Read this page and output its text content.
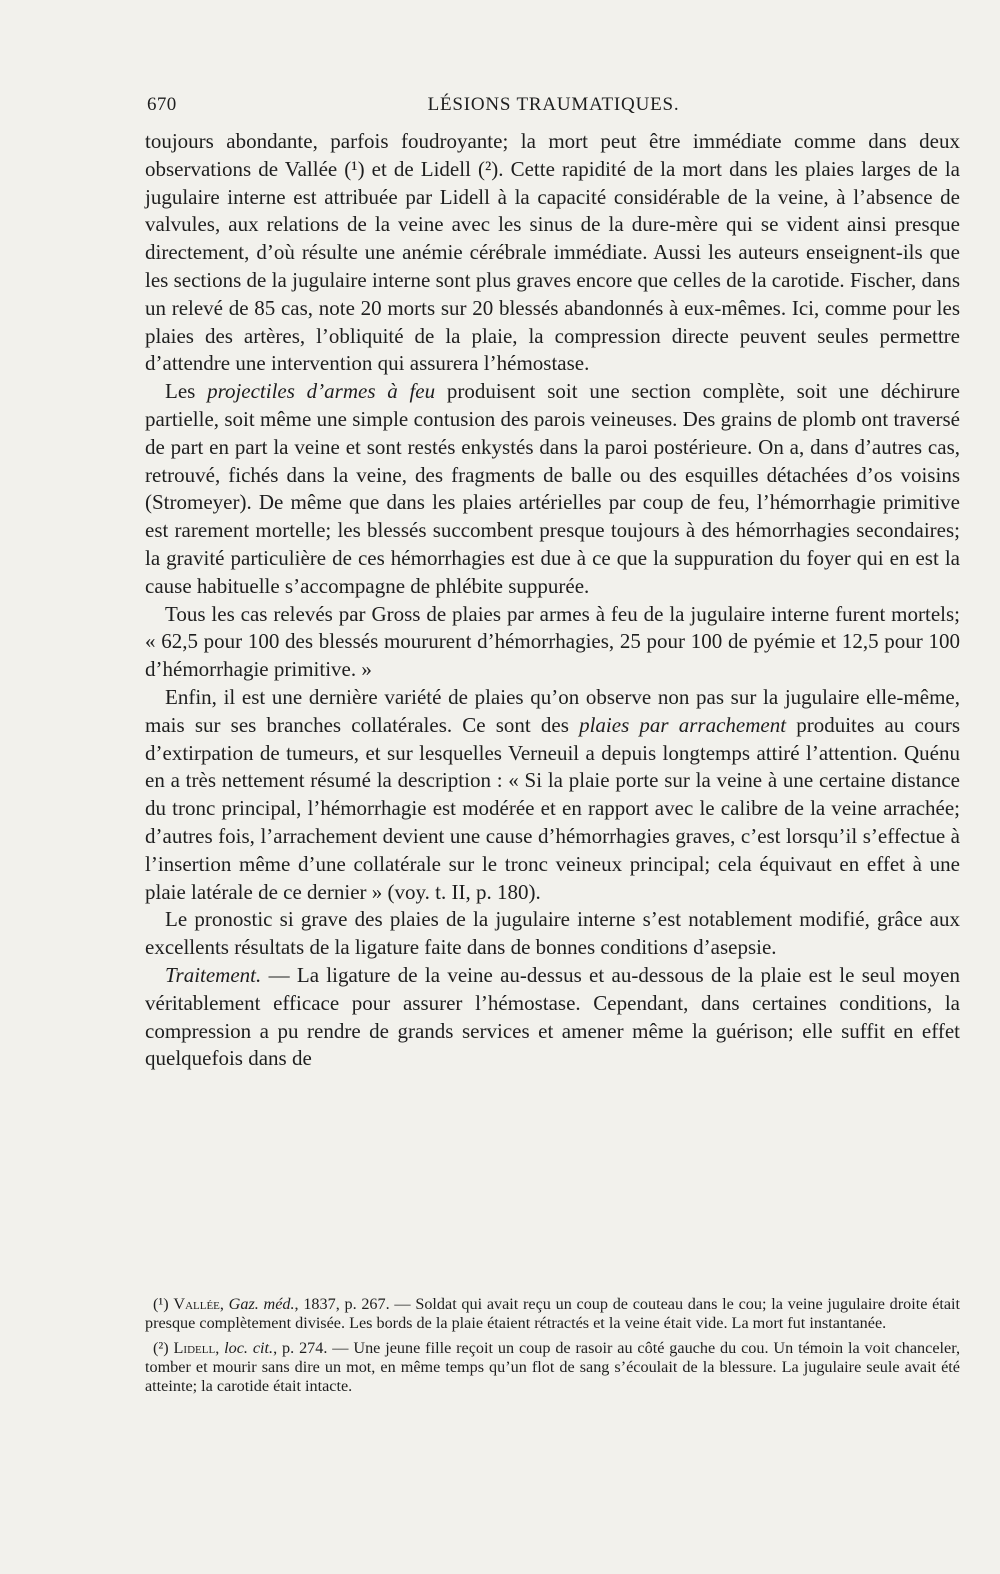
670	LÉSIONS TRAUMATIQUES.

toujours abondante, parfois foudroyante; la mort peut être immédiate comme dans deux observations de Vallée (¹) et de Lidell (²). Cette rapidité de la mort dans les plaies larges de la jugulaire interne est attribuée par Lidell à la capacité considérable de la veine, à l’absence de valvules, aux relations de la veine avec les sinus de la dure-mère qui se vident ainsi presque directement, d’où résulte une anémie cérébrale immédiate. Aussi les auteurs enseignent-ils que les sections de la jugulaire interne sont plus graves encore que celles de la carotide. Fischer, dans un relevé de 85 cas, note 20 morts sur 20 blessés abandonnés à eux-mêmes. Ici, comme pour les plaies des artères, l’obliquité de la plaie, la compression directe peuvent seules permettre d’attendre une intervention qui assurera l’hémostase.

Les projectiles d’armes à feu produisent soit une section complète, soit une déchirure partielle, soit même une simple contusion des parois veineuses. Des grains de plomb ont traversé de part en part la veine et sont restés enkystés dans la paroi postérieure. On a, dans d’autres cas, retrouvé, fichés dans la veine, des fragments de balle ou des esquilles détachées d’os voisins (Stromeyer). De même que dans les plaies artérielles par coup de feu, l’hémorrhagie primitive est rarement mortelle; les blessés succombent presque toujours à des hémorrhagies secondaires; la gravité particulière de ces hémorrhagies est due à ce que la suppuration du foyer qui en est la cause habituelle s’accompagne de phlébite suppurée.

Tous les cas relevés par Gross de plaies par armes à feu de la jugulaire interne furent mortels; « 62,5 pour 100 des blessés moururent d’hémorrhagies, 25 pour 100 de pyémie et 12,5 pour 100 d’hémorrhagie primitive. »

Enfin, il est une dernière variété de plaies qu’on observe non pas sur la jugulaire elle-même, mais sur ses branches collatérales. Ce sont des plaies par arrachement produites au cours d’extirpation de tumeurs, et sur lesquelles Verneuil a depuis longtemps attiré l’attention. Quénu en a très nettement résumé la description : « Si la plaie porte sur la veine à une certaine distance du tronc principal, l’hémorrhagie est modérée et en rapport avec le calibre de la veine arrachée; d’autres fois, l’arrachement devient une cause d’hémorrhagies graves, c’est lorsqu’il s’effectue à l’insertion même d’une collatérale sur le tronc veineux principal; cela équivaut en effet à une plaie latérale de ce dernier » (voy. t. II, p. 180).

Le pronostic si grave des plaies de la jugulaire interne s’est notablement modifié, grâce aux excellents résultats de la ligature faite dans de bonnes conditions d’asepsie.

Traitement. — La ligature de la veine au-dessus et au-dessous de la plaie est le seul moyen véritablement efficace pour assurer l’hémostase. Cependant, dans certaines conditions, la compression a pu rendre de grands services et amener même la guérison; elle suffit en effet quelquefois dans de

(¹) Vallée, Gaz. méd., 1837, p. 267. — Soldat qui avait reçu un coup de couteau dans le cou; la veine jugulaire droite était presque complètement divisée. Les bords de la plaie étaient rétractés et la veine était vide. La mort fut instantanée.

(²) Lidell, loc. cit., p. 274. — Une jeune fille reçoit un coup de rasoir au côté gauche du cou. Un témoin la voit chanceler, tomber et mourir sans dire un mot, en même temps qu’un flot de sang s’écoulait de la blessure. La jugulaire seule avait été atteinte; la carotide était intacte.
